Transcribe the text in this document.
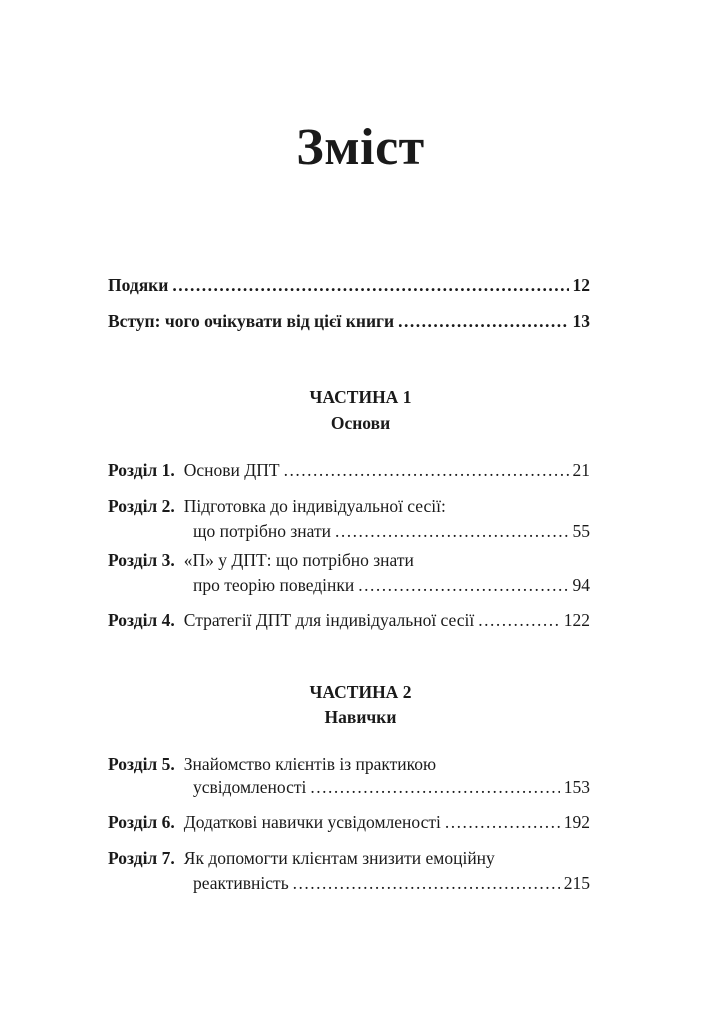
Зміст
Подяки .....	12
Вступ: чого очікувати від цієї книги .....	13
ЧАСТИНА 1
Основи
Розділ 1. Основи ДПТ .....	21
Розділ 2. Підготовка до індивідуальної сесії:
що потрібно знати .....	55
Розділ 3. «П» у ДПТ: що потрібно знати
про теорію поведінки .....	94
Розділ 4. Стратегії ДПТ для індивідуальної сесії .....	122
ЧАСТИНА 2
Навички
Розділ 5. Знайомство клієнтів із практикою
усвідомленості .....	153
Розділ 6. Додаткові навички усвідомленості .....	192
Розділ 7. Як допомогти клієнтам знизити емоційну
реактивність .....	215
